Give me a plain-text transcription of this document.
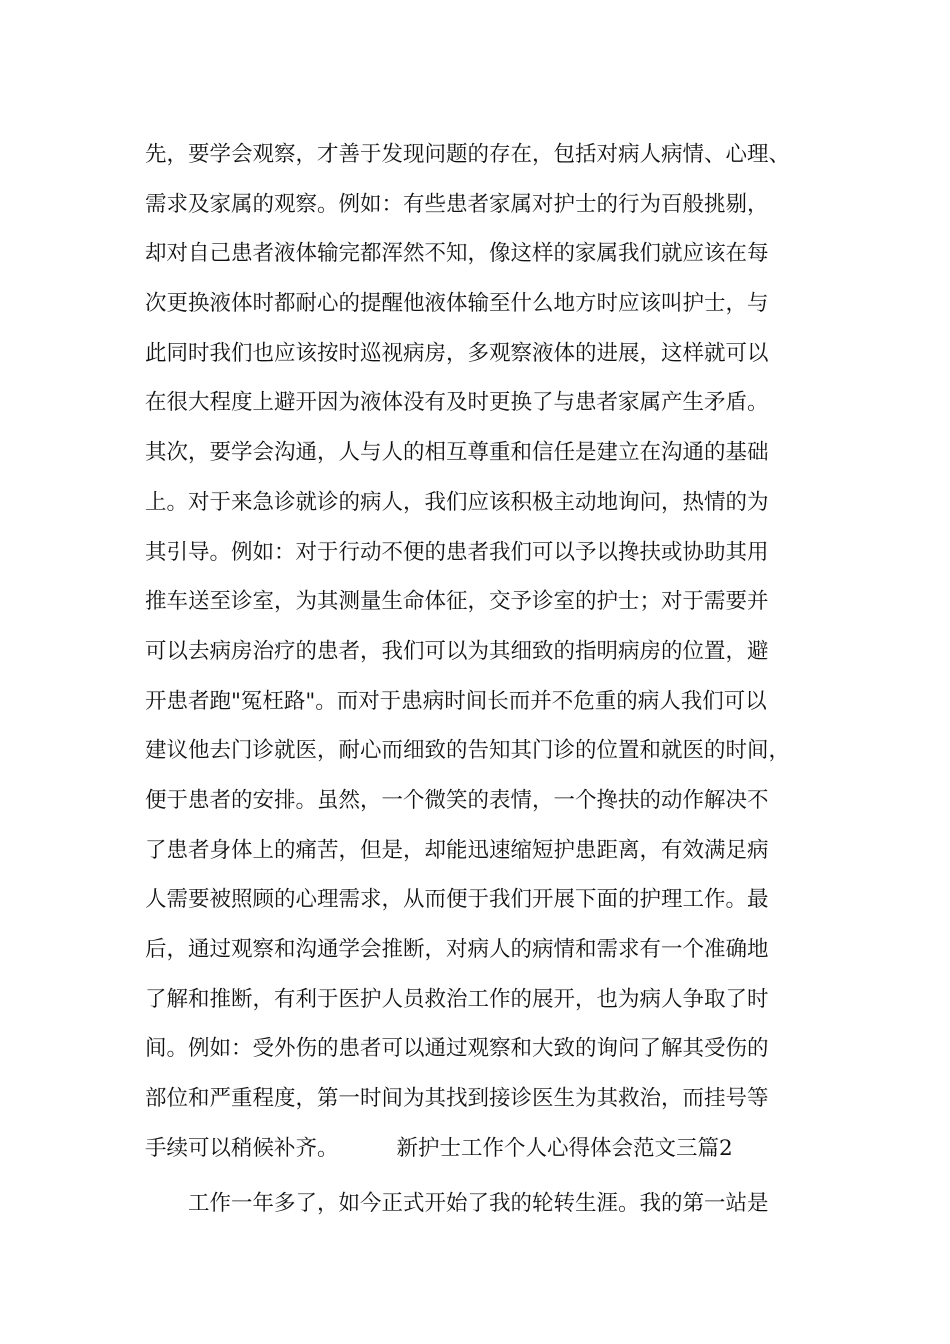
先，要学会观察，才善于发现问题的存在，包括对病人病情、心理、
需求及家属的观察。例如：有些患者家属对护士的行为百般挑剔，
却对自己患者液体输完都浑然不知，像这样的家属我们就应该在每
次更换液体时都耐心的提醒他液体输至什么地方时应该叫护士，与
此同时我们也应该按时巡视病房，多观察液体的进展，这样就可以
在很大程度上避开因为液体没有及时更换了与患者家属产生矛盾。
其次，要学会沟通，人与人的相互尊重和信任是建立在沟通的基础
上。对于来急诊就诊的病人，我们应该积极主动地询问，热情的为
其引导。例如：对于行动不便的患者我们可以予以搀扶或协助其用
推车送至诊室，为其测量生命体征，交予诊室的护士；对于需要并
可以去病房治疗的患者，我们可以为其细致的指明病房的位置，避
开患者跑"冤枉路"。而对于患病时间长而并不危重的病人我们可以
建议他去门诊就医，耐心而细致的告知其门诊的位置和就医的时间，
便于患者的安排。虽然，一个微笑的表情，一个搀扶的动作解决不
了患者身体上的痛苦，但是，却能迅速缩短护患距离，有效满足病
人需要被照顾的心理需求，从而便于我们开展下面的护理工作。最
后，通过观察和沟通学会推断，对病人的病情和需求有一个准确地
了解和推断，有利于医护人员救治工作的展开，也为病人争取了时
间。例如：受外伤的患者可以通过观察和大致的询问了解其受伤的
部位和严重程度，第一时间为其找到接诊医生为其救治，而挂号等
手续可以稍候补齐。	新护士工作个人心得体会范文三篇2
工作一年多了，如今正式开始了我的轮转生涯。我的第一站是
